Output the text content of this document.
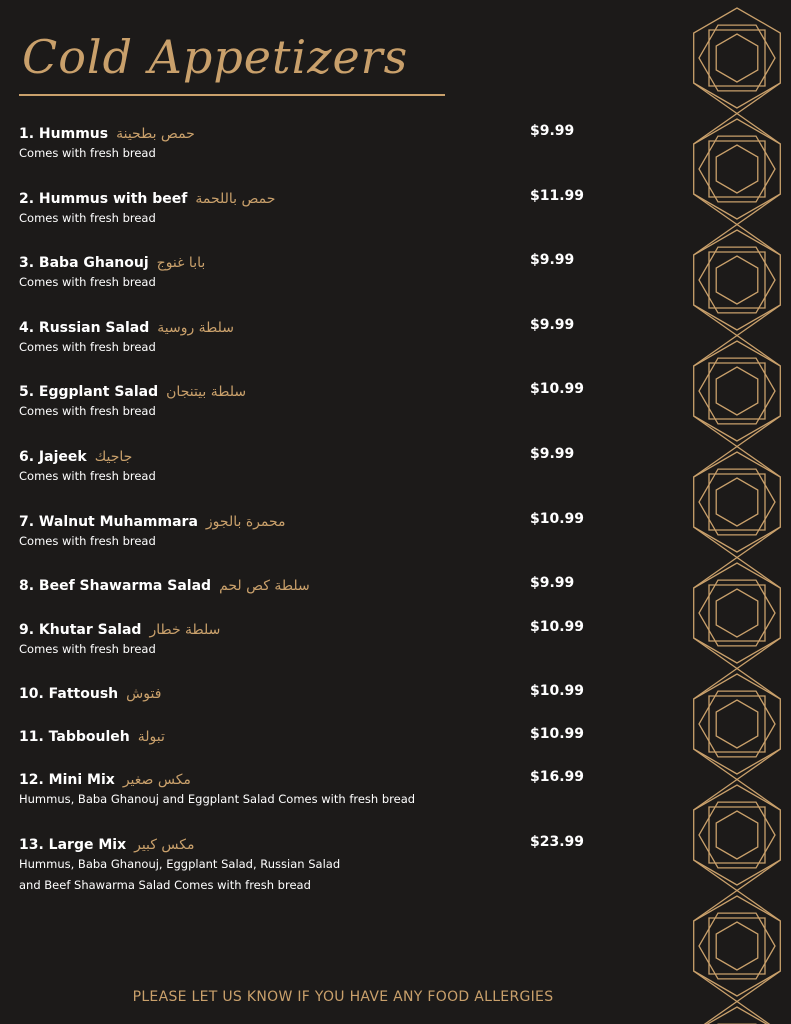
Cold Appetizers
1. Hummus حمص بطحينة	$9.99
Comes with fresh bread
2. Hummus with beef حمص باللحمة	$11.99
Comes with fresh bread
3. Baba Ghanouj بابا غنوج	$9.99
Comes with fresh bread
4. Russian Salad سلطة روسية	$9.99
Comes with fresh bread
5. Eggplant Salad سلطة بيتنجان	$10.99
Comes with fresh bread
6. Jajeek جاجيك	$9.99
Comes with fresh bread
7. Walnut Muhammara محمرة بالجوز	$10.99
Comes with fresh bread
8. Beef Shawarma Salad سلطة كص لحم	$9.99
9. Khutar Salad سلطة خطار	$10.99
Comes with fresh bread
10. Fattoush فتوش	$10.99
11. Tabbouleh تبولة	$10.99
12. Mini Mix مكس صغير	$16.99
Hummus, Baba Ghanouj and Eggplant Salad Comes with fresh bread
13. Large Mix مكس كبير	$23.99
Hummus, Baba Ghanouj, Eggplant Salad, Russian Salad
and Beef Shawarma Salad Comes with fresh bread
PLEASE LET US KNOW IF YOU HAVE ANY FOOD ALLERGIES
